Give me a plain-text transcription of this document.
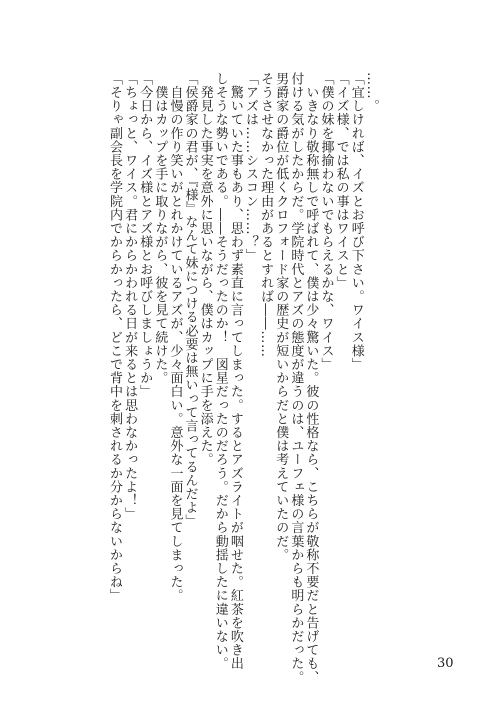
……。
「宜しければ、イズとお呼び下さい。ワイス様」
「イズ様、では私の事はワイスと」
「僕の妹を揶揄わないでもらえるかな、ワイス」
　いきなり敬称無しで呼ばれて、僕は少々驚いた。彼の性格なら、こちらが敬称不要だと告げても、
付ける気がしたからだ。学院時代とアズの態度が違うのは、ユーフェ様の言葉からも明らかだった。
男爵家の爵位が低くクロフォード家の歴史が短いからだと僕は考えていたのだ。
そうさせなかった理由があるとすれば――……
「アズは……シスコン……？」
　驚いていた事もあり、思わず素直に言ってしまった。するとアズライトが咽せた。紅茶を吹き出
しそうな勢いである。――そうだったのか！　図星だったのだろう。だから動揺したに違いない。
　発見した事実を意外に思いながら、僕はカップに手を添えた。
「侯爵家の君が、『様』なんて妹につける必要は無いって言ってるんだよ」
　自慢の作り笑いがとれかけているアズが、少々面白い。意外な一面を見てしまった。
　僕はカップを手に取りながら、彼を見て続けた。
「今日から、イズ様とアズ様とお呼びしましょうか」
「ちょっと、ワイス。君にからかわれる日が来るとは思わなかったよ！」
「そりゃ副会長を学院内でからかったら、どこで背中を刺されるか分からないからね」
30
